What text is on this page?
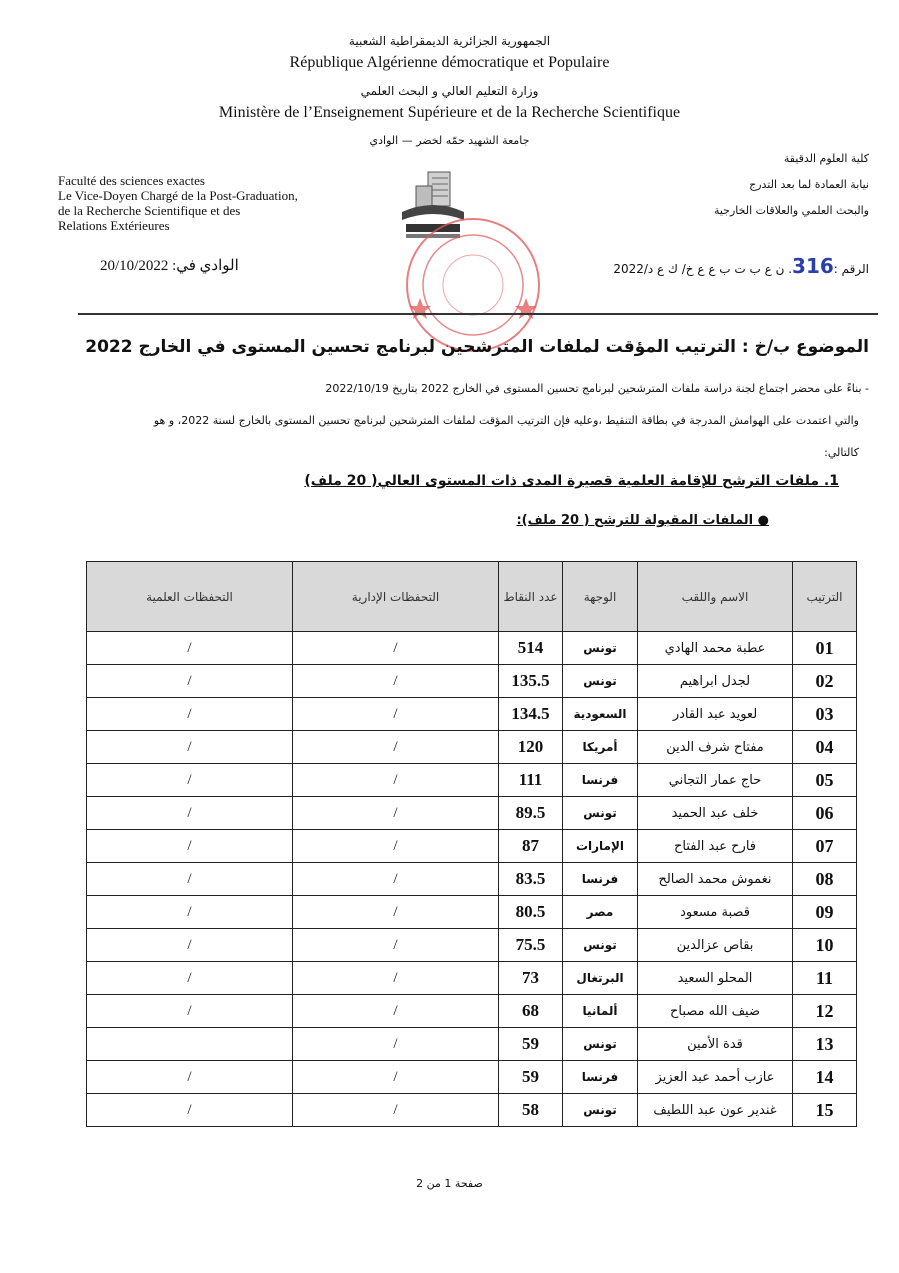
الجمهورية الجزائرية الديمقراطية الشعبية
République Algérienne démocratique et Populaire
وزارة التعليم العالي و البحث العلمي
Ministère de l’Enseignement Supérieure et de la Recherche Scientifique
جامعة الشهيد حمّه لخضر — الوادي
كلية العلوم الدقيقة
نيابة العمادة لما بعد التدرج
والبحث العلمي والعلاقات الخارجية
Faculté des sciences exactes
Le Vice-Doyen Chargé de la Post-Graduation,
de la Recherche Scientifique et des
Relations Extérieures
الوادي في: 20/10/2022	الرقم :316. ن ع ب ت ب ع ع خ/ ك ع د/2022
الموضوع ب/خ : الترتيب المؤقت لملفات المترشحين لبرنامج تحسين المستوى في الخارج 2022
- بناءً على محضر اجتماع لجنة دراسة ملفات المترشحين لبرنامج تحسين المستوى في الخارج 2022 بتاريخ 2022/10/19
والتي اعتمدت على الهوامش المدرجة في بطاقة التنقيط ،وعليه فإن الترتيب المؤقت لملفات المترشحين لبرنامج تحسين المستوى بالخارج لسنة 2022، و هو
كالتالي:
1. ملفات الترشح للإقامة العلمية قصيرة المدى ذات المستوى العالي( 20 ملف)
● الملفات المقبولة للترشح ( 20 ملف):
الترتيب	الاسم واللقب	الوجهة	عدد النقاط	التحفظات الإدارية	التحفظات العلمية
01	عطبة محمد الهادي	تونس	514	/	/
02	لجدل ابراهيم	تونس	135.5	/	/
03	لعويد عبد القادر	السعودية	134.5	/	/
04	مفتاح شرف الدين	أمريكا	120	/	/
05	حاج عمار التجاني	فرنسا	111	/	/
06	خلف عبد الحميد	تونس	89.5	/	/
07	فارح عبد الفتاح	الإمارات	87	/	/
08	نغموش محمد الصالح	فرنسا	83.5	/	/
09	قصبة مسعود	مصر	80.5	/	/
10	بقاص عزالدين	تونس	75.5	/	/
11	المحلو السعيد	البرتغال	73	/	/
12	ضيف الله مصباح	ألمانيا	68	/	/
13	قدة الأمين	تونس	59	/	
14	عازب أحمد عبد العزيز	فرنسا	59	/	/
15	غندير عون عبد اللطيف	تونس	58	/	/
صفحة 1 من 2
